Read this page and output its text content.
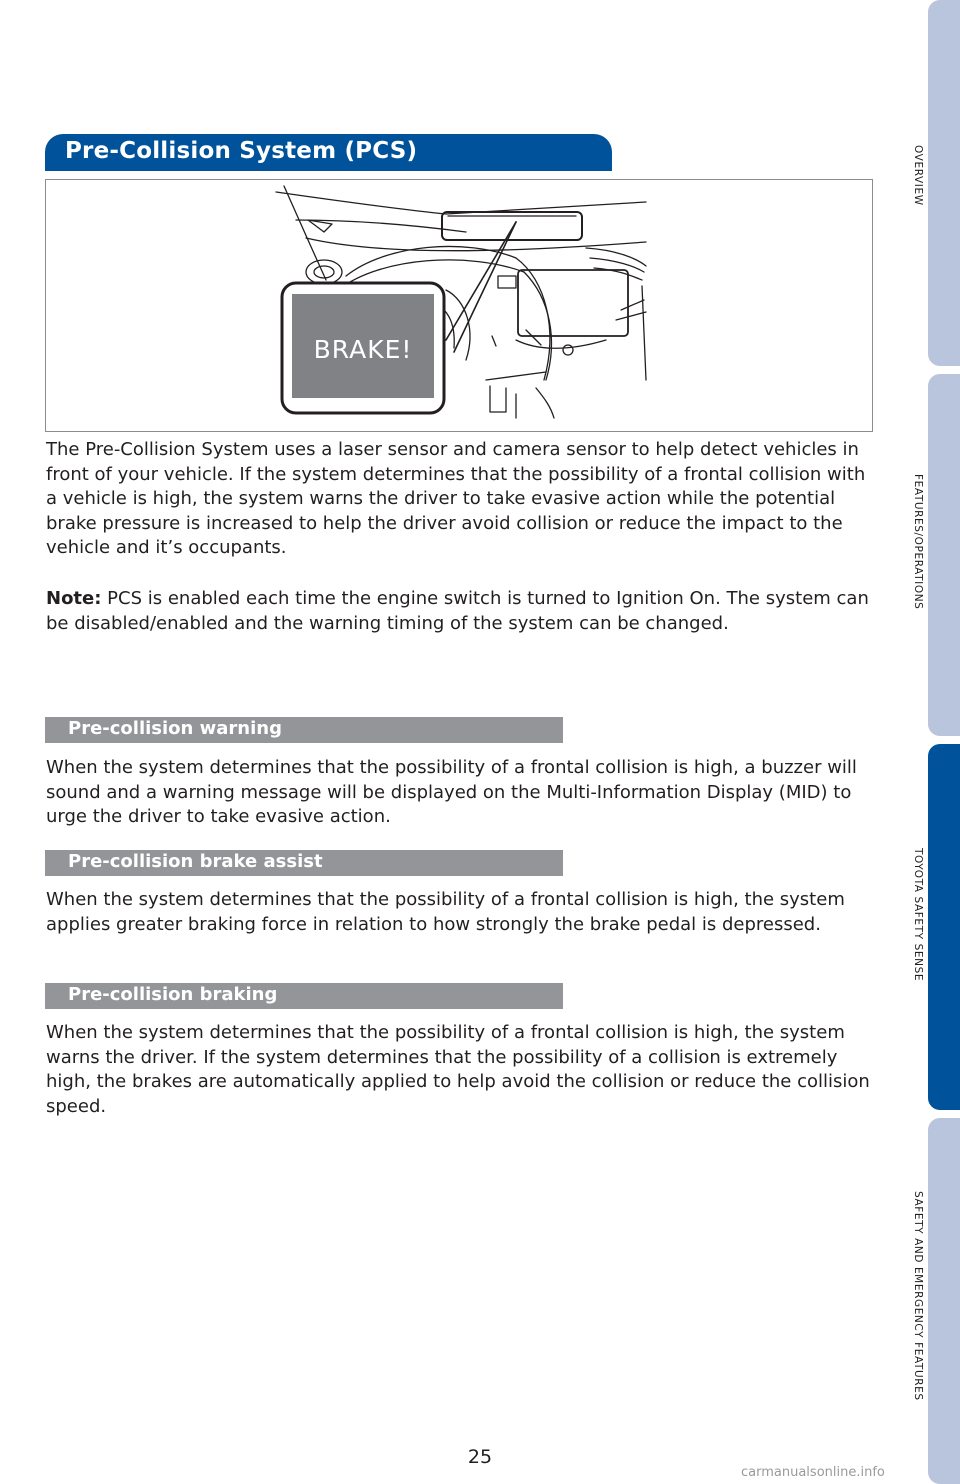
Pre-Collision System (PCS)
BRAKE!

The Pre-Collision System uses a laser sensor and camera sensor to help detect vehicles in front of your vehicle. If the system determines that the possibility of a frontal collision with a vehicle is high, the system warns the driver to take evasive action while the potential brake pressure is increased to help the driver avoid collision or reduce the impact to the vehicle and it’s occupants.

Note: PCS is enabled each time the engine switch is turned to Ignition On. The system can be disabled/enabled and the warning timing of the system can be changed.

Pre-collision warning

When the system determines that the possibility of a frontal collision is high, a buzzer will sound and a warning message will be displayed on the Multi-Information Display (MID) to urge the driver to take evasive action.

Pre-collision brake assist

When the system determines that the possibility of a frontal collision is high, the system applies greater braking force in relation to how strongly the brake pedal is depressed.

Pre-collision braking

When the system determines that the possibility of a frontal collision is high, the system warns the driver. If the system determines that the possibility of a collision is extremely high, the brakes are automatically applied to help avoid the collision or reduce the collision speed.

OVERVIEW
FEATURES/OPERATIONS
TOYOTA SAFETY SENSE
SAFETY AND EMERGENCY FEATURES
25
carmanualsonline.info
